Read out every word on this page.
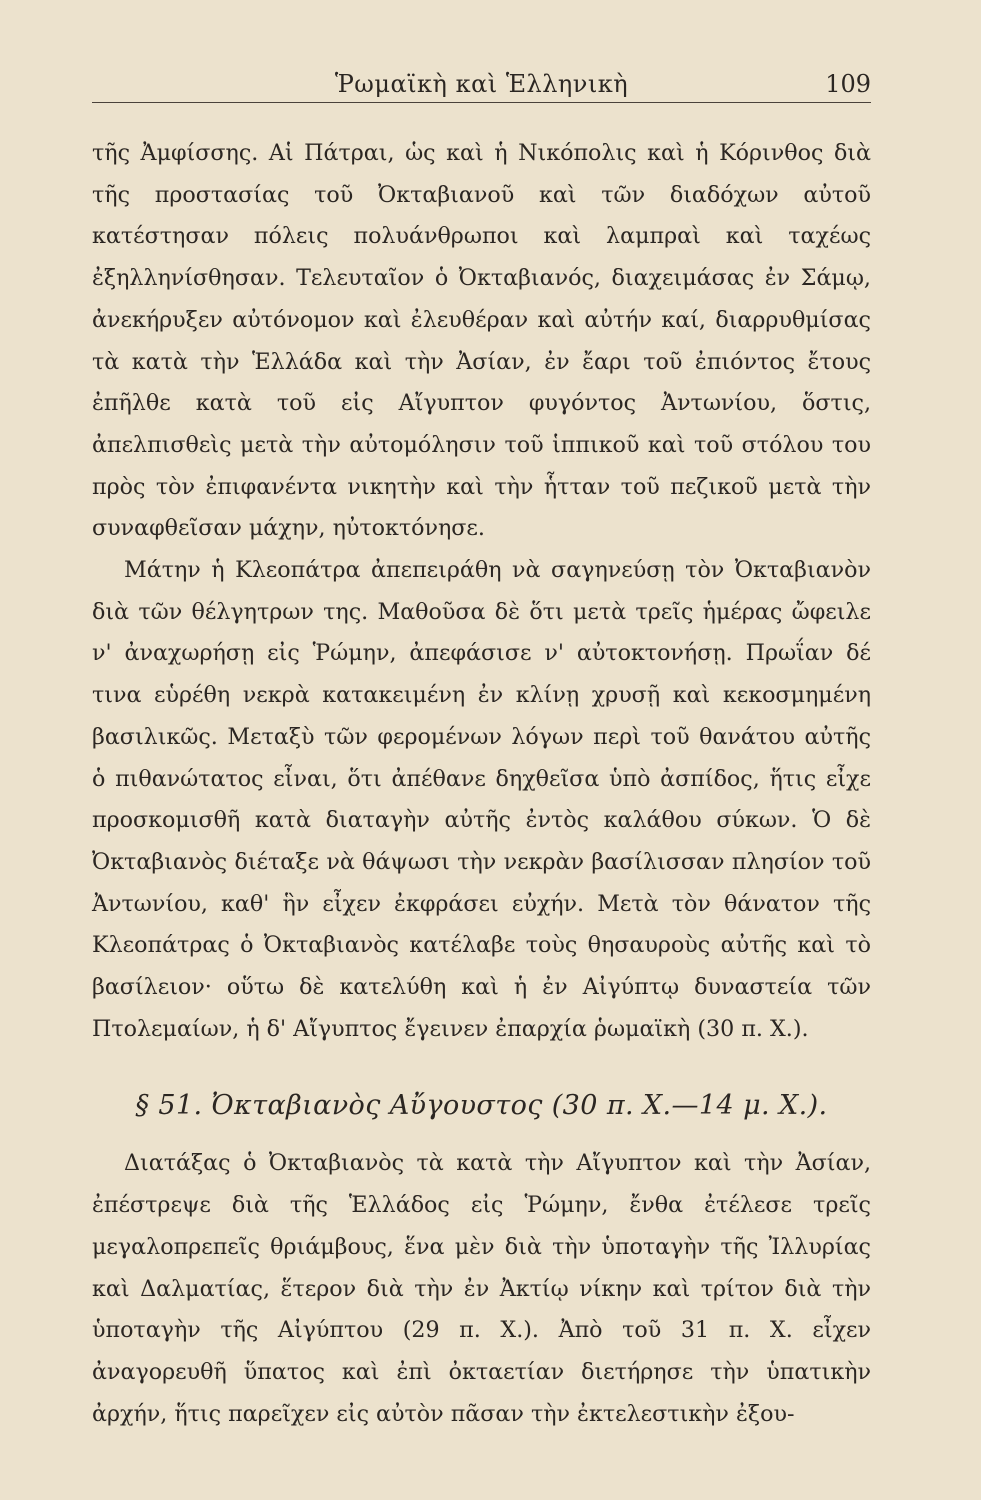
Ῥωμαϊκὴ καὶ Ἑλληνικὴ	109

τῆς Ἀμφίσσης. Αἱ Πάτραι, ὡς καὶ ἡ Νικόπολις καὶ ἡ Κόρινθος διὰ τῆς προστασίας τοῦ Ὀκταβιανοῦ καὶ τῶν διαδόχων αὐτοῦ κατέστησαν πόλεις πολυάνθρωποι καὶ λαμπραὶ καὶ ταχέως ἐξηλληνίσθησαν. Τελευταῖον ὁ Ὀκταβιανός, διαχειμάσας ἐν Σάμῳ, ἀνεκήρυξεν αὐτόνομον καὶ ἐλευθέραν καὶ αὐτήν καί, διαρρυθμίσας τὰ κατὰ τὴν Ἑλλάδα καὶ τὴν Ἀσίαν, ἐν ἔαρι τοῦ ἐπιόντος ἔτους ἐπῆλθε κατὰ τοῦ εἰς Αἴγυπτον φυγόντος Ἀντωνίου, ὅστις, ἀπελπισθεὶς μετὰ τὴν αὐτομόλησιν τοῦ ἱππικοῦ καὶ τοῦ στόλου του πρὸς τὸν ἐπιφανέντα νικητὴν καὶ τὴν ἧτταν τοῦ πεζικοῦ μετὰ τὴν συναφθεῖσαν μάχην, ηὐτοκτόνησε.

Μάτην ἡ Κλεοπάτρα ἀπεπειράθη νὰ σαγηνεύσῃ τὸν Ὀκταβιανὸν διὰ τῶν θέλγητρων της. Μαθοῦσα δὲ ὅτι μετὰ τρεῖς ἡμέρας ὤφειλε ν' ἀναχωρήσῃ εἰς Ῥώμην, ἀπεφάσισε ν' αὐτοκτονήσῃ. Πρωΐαν δέ τινα εὑρέθη νεκρὰ κατακειμένη ἐν κλίνῃ χρυσῇ καὶ κεκοσμημένη βασιλικῶς. Μεταξὺ τῶν φερομένων λόγων περὶ τοῦ θανάτου αὐτῆς ὁ πιθανώτατος εἶναι, ὅτι ἀπέθανε δηχθεῖσα ὑπὸ ἀσπίδος, ἥτις εἶχε προσκομισθῆ κατὰ διαταγὴν αὐτῆς ἐντὸς καλάθου σύκων. Ὁ δὲ Ὀκταβιανὸς διέταξε νὰ θάψωσι τὴν νεκρὰν βασίλισσαν πλησίον τοῦ Ἀντωνίου, καθ' ἣν εἶχεν ἐκφράσει εὐχήν. Μετὰ τὸν θάνατον τῆς Κλεοπάτρας ὁ Ὀκταβιανὸς κατέλαβε τοὺς θησαυροὺς αὐτῆς καὶ τὸ βασίλειον· οὕτω δὲ κατελύθη καὶ ἡ ἐν Αἰγύπτῳ δυναστεία τῶν Πτολεμαίων, ἡ δ' Αἴγυπτος ἔγεινεν ἐπαρχία ῥωμαϊκὴ (30 π. Χ.).

§ 51. Ὀκταβιανὸς Αὔγουστος (30 π. Χ.—14 μ. Χ.).

Διατάξας ὁ Ὀκταβιανὸς τὰ κατὰ τὴν Αἴγυπτον καὶ τὴν Ἀσίαν, ἐπέστρεψε διὰ τῆς Ἑλλάδος εἰς Ῥώμην, ἔνθα ἐτέλεσε τρεῖς μεγαλοπρεπεῖς θριάμβους, ἕνα μὲν διὰ τὴν ὑποταγὴν τῆς Ἰλλυρίας καὶ Δαλματίας, ἕτερον διὰ τὴν ἐν Ἀκτίῳ νίκην καὶ τρίτον διὰ τὴν ὑποταγὴν τῆς Αἰγύπτου (29 π. Χ.). Ἀπὸ τοῦ 31 π. Χ. εἶχεν ἀναγορευθῆ ὕπατος καὶ ἐπὶ ὀκταετίαν διετήρησε τὴν ὑπατικὴν ἀρχήν, ἥτις παρεῖχεν εἰς αὐτὸν πᾶσαν τὴν ἐκτελεστικὴν ἐξου-
